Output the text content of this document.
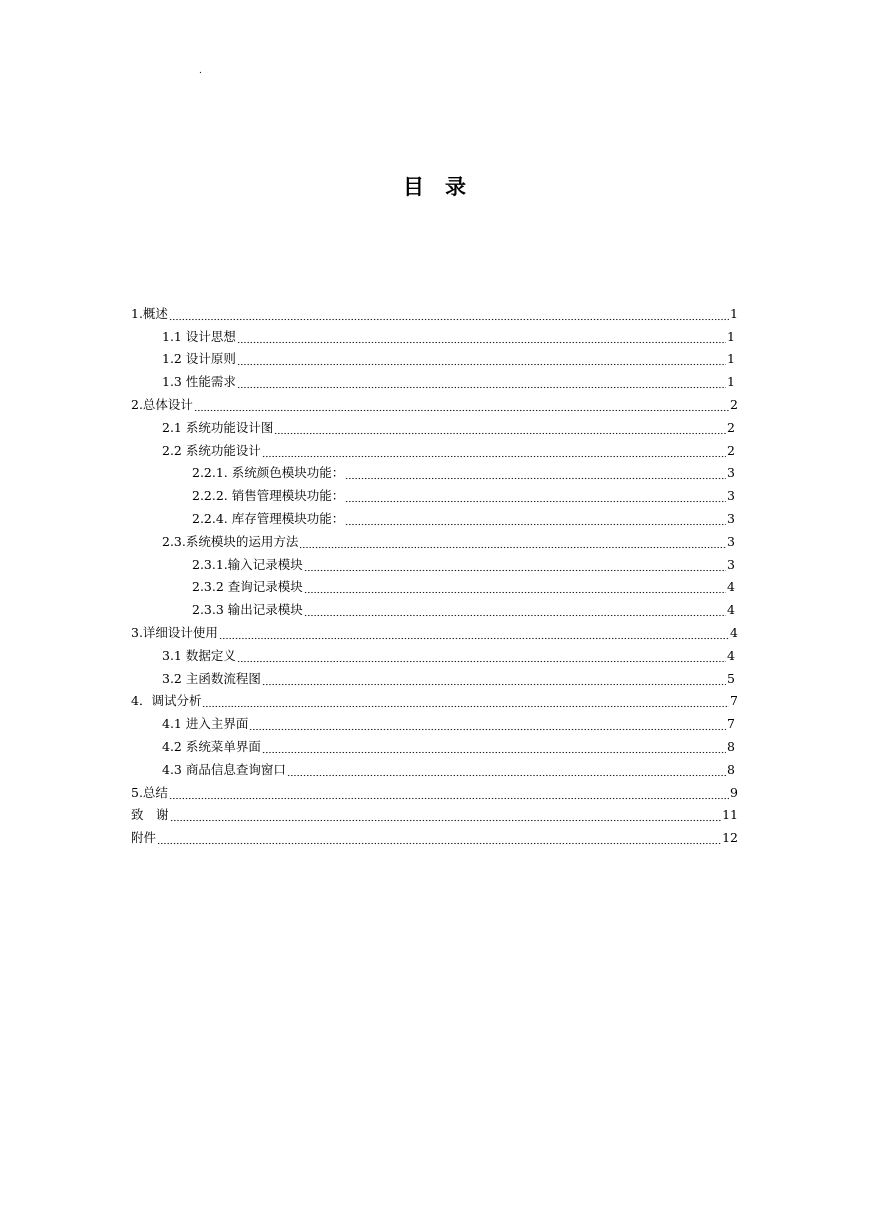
.
目　录
1.概述	1
1.1 设计思想	1
1.2 设计原则	1
1.3 性能需求	1
2.总体设计	2
2.1 系统功能设计图	2
2.2 系统功能设计	2
2.2.1. 系统颜色模块功能：	3
2.2.2. 销售管理模块功能：	3
2.2.4. 库存管理模块功能：	3
2.3.系统模块的运用方法	3
2.3.1.输入记录模块	3
2.3.2 查询记录模块	4
2.3.3 输出记录模块	4
3.详细设计使用	4
3.1 数据定义	4
3.2 主函数流程图	5
4．调试分析	7
4.1 进入主界面	7
4.2 系统菜单界面	8
4.3 商品信息查询窗口	8
5.总结	9
致　谢	11
附件	12
